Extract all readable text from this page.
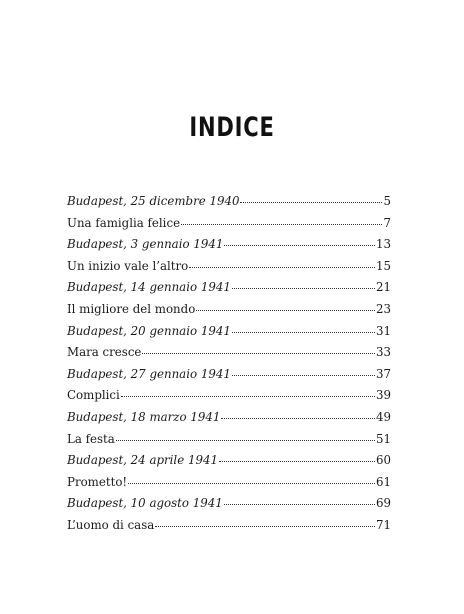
INDICE
Budapest, 25 dicembre 1940	5
Una famiglia felice	7
Budapest, 3 gennaio 1941	13
Un inizio vale l’altro	15
Budapest, 14 gennaio 1941	21
Il migliore del mondo	23
Budapest, 20 gennaio 1941	31
Mara cresce	33
Budapest, 27 gennaio 1941	37
Complici	39
Budapest, 18 marzo 1941	49
La festa	51
Budapest, 24 aprile 1941	60
Prometto!	61
Budapest, 10 agosto 1941	69
L’uomo di casa	71
